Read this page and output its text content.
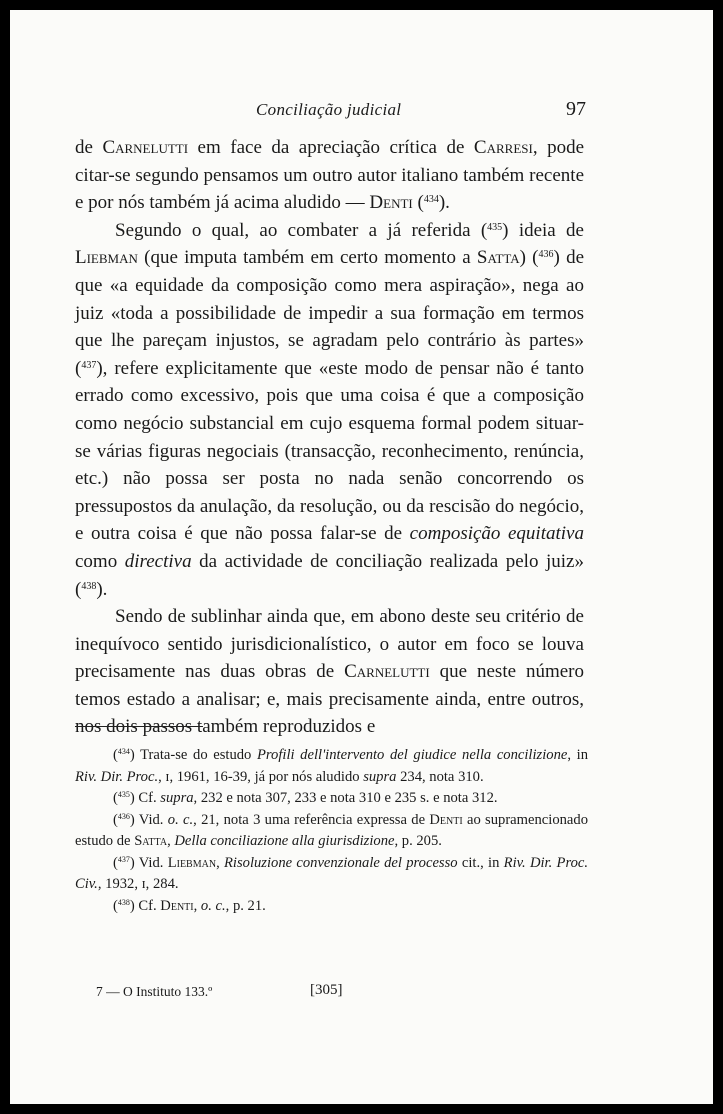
Conciliação judicial	97

de Carnelutti em face da apreciação crítica de Carresi, pode citar-se segundo pensamos um outro autor italiano também recente e por nós também já acima aludido — Denti ($^{434}$).

Segundo o qual, ao combater a já referida ($^{435}$) ideia de Liebman (que imputa também em certo momento a Satta) ($^{436}$) de que «a equidade da composição como mera aspiração», nega ao juiz «toda a possibilidade de impedir a sua formação em termos que lhe pareçam injustos, se agradam pelo contrário às partes» ($^{437}$), refere explicitamente que «este modo de pensar não é tanto errado como excessivo, pois que uma coisa é que a composição como negócio substancial em cujo esquema formal podem situar-se várias figuras negociais (transacção, reconhecimento, renúncia, etc.) não possa ser posta no nada senão concorrendo os pressupostos da anulação, da resolução, ou da rescisão do negócio, e outra coisa é que não possa falar-se de composição equitativa como directiva da actividade de conciliação realizada pelo juiz» ($^{438}$).

Sendo de sublinhar ainda que, em abono deste seu critério de inequívoco sentido jurisdicionalístico, o autor em foco se louva precisamente nas duas obras de Carnelutti que neste número temos estado a analisar; e, mais precisamente ainda, entre outros, nos dois passos também reproduzidos e

($^{434}$) Trata-se do estudo Profili dell'intervento del giudice nella concilizione, in Riv. Dir. Proc., ɪ, 1961, 16-39, já por nós aludido supra 234, nota 310.

($^{435}$) Cf. supra, 232 e nota 307, 233 e nota 310 e 235 s. e nota 312.

($^{436}$) Vid. o. c., 21, nota 3 uma referência expressa de Denti ao supramencionado estudo de Satta, Della conciliazione alla giurisdizione, p. 205.

($^{437}$) Vid. Liebman, Risoluzione convenzionale del processo cit., in Riv. Dir. Proc. Civ., 1932, ɪ, 284.

($^{438}$) Cf. Denti, o. c., p. 21.

7 — O Instituto 133.º	[305]
